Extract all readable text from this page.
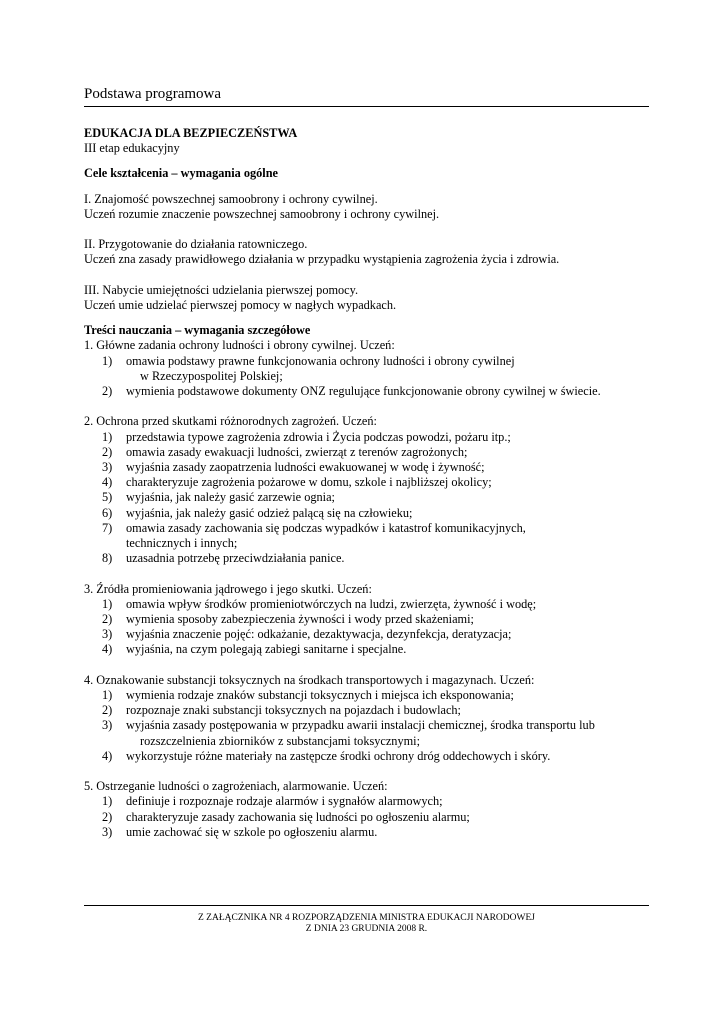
Podstawa programowa

EDUKACJA DLA BEZPIECZEŃSTWA

III etap edukacyjny

Cele kształcenia – wymagania ogólne

I. Znajomość powszechnej samoobrony i ochrony cywilnej.

Uczeń rozumie znaczenie powszechnej samoobrony i ochrony cywilnej.

II. Przygotowanie do działania ratowniczego.

Uczeń zna zasady prawidłowego działania w przypadku wystąpienia zagrożenia życia i zdrowia.

III. Nabycie umiejętności udzielania pierwszej pomocy.

Uczeń umie udzielać pierwszej pomocy w nagłych wypadkach.

Treści nauczania – wymagania szczegółowe

1. Główne zadania ochrony ludności i obrony cywilnej. Uczeń:

1) omawia podstawy prawne funkcjonowania ochrony ludności i obrony cywilnej
w Rzeczypospolitej Polskiej;
2) wymienia podstawowe dokumenty ONZ regulujące funkcjonowanie obrony cywilnej w świecie.

2. Ochrona przed skutkami różnorodnych zagrożeń. Uczeń:

1) przedstawia typowe zagrożenia zdrowia i Życia podczas powodzi, pożaru itp.;
2) omawia zasady ewakuacji ludności, zwierząt z terenów zagrożonych;
3) wyjaśnia zasady zaopatrzenia ludności ewakuowanej w wodę i żywność;
4) charakteryzuje zagrożenia pożarowe w domu, szkole i najbliższej okolicy;
5) wyjaśnia, jak należy gasić zarzewie ognia;
6) wyjaśnia, jak należy gasić odzież palącą się na człowieku;
7) omawia zasady zachowania się podczas wypadków i katastrof komunikacyjnych,
technicznych i innych;
8) uzasadnia potrzebę przeciwdziałania panice.

3. Źródła promieniowania jądrowego i jego skutki. Uczeń:

1) omawia wpływ środków promieniotwórczych na ludzi, zwierzęta, żywność i wodę;
2) wymienia sposoby zabezpieczenia żywności i wody przed skażeniami;
3) wyjaśnia znaczenie pojęć: odkażanie, dezaktywacja, dezynfekcja, deratyzacja;
4) wyjaśnia, na czym polegają zabiegi sanitarne i specjalne.

4. Oznakowanie substancji toksycznych na środkach transportowych i magazynach. Uczeń:

1) wymienia rodzaje znaków substancji toksycznych i miejsca ich eksponowania;
2) rozpoznaje znaki substancji toksycznych na pojazdach i budowlach;
3) wyjaśnia zasady postępowania w przypadku awarii instalacji chemicznej, środka transportu lub
rozszczelnienia zbiorników z substancjami toksycznymi;
4) wykorzystuje różne materiały na zastępcze środki ochrony dróg oddechowych i skóry.

5. Ostrzeganie ludności o zagrożeniach, alarmowanie. Uczeń:

1) definiuje i rozpoznaje rodzaje alarmów i sygnałów alarmowych;
2) charakteryzuje zasady zachowania się ludności po ogłoszeniu alarmu;
3) umie zachować się w szkole po ogłoszeniu alarmu.
Z ZAŁĄCZNIKA NR 4 ROZPORZĄDZENIA MINISTRA EDUKACJI NARODOWEJ
Z DNIA 23 GRUDNIA 2008 R.
